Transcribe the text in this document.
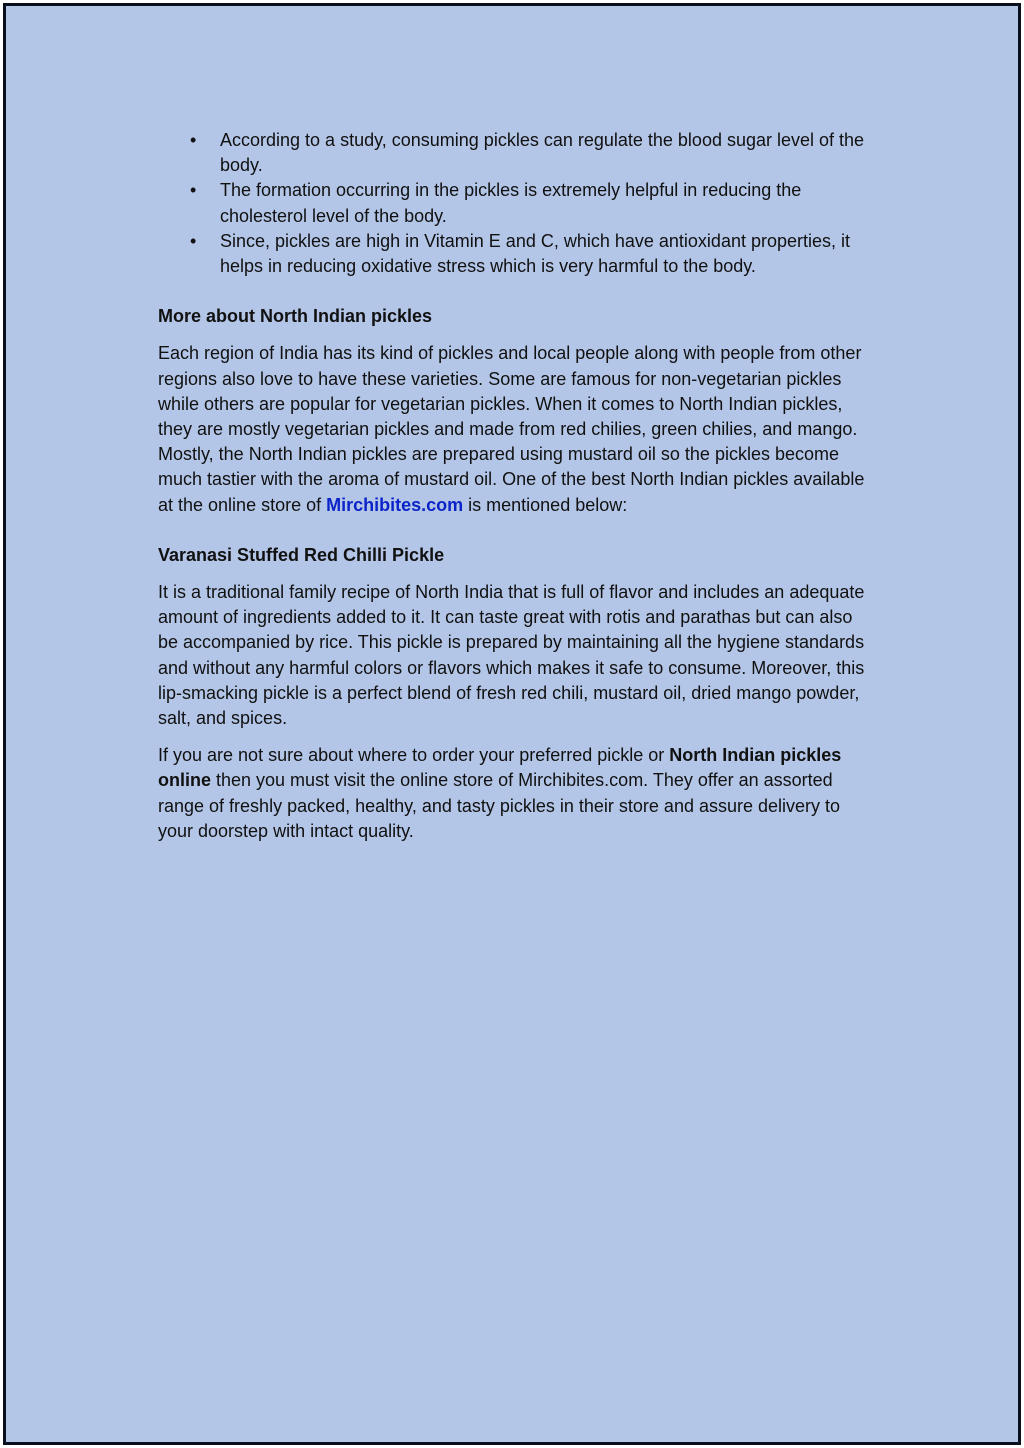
• According to a study, consuming pickles can regulate the blood sugar level of the body.
• The formation occurring in the pickles is extremely helpful in reducing the cholesterol level of the body.
• Since, pickles are high in Vitamin E and C, which have antioxidant properties, it helps in reducing oxidative stress which is very harmful to the body.

More about North Indian pickles

Each region of India has its kind of pickles and local people along with people from other regions also love to have these varieties. Some are famous for non-vegetarian pickles while others are popular for vegetarian pickles. When it comes to North Indian pickles, they are mostly vegetarian pickles and made from red chilies, green chilies, and mango. Mostly, the North Indian pickles are prepared using mustard oil so the pickles become much tastier with the aroma of mustard oil. One of the best North Indian pickles available at the online store of Mirchibites.com is mentioned below:

Varanasi Stuffed Red Chilli Pickle

It is a traditional family recipe of North India that is full of flavor and includes an adequate amount of ingredients added to it. It can taste great with rotis and parathas but can also be accompanied by rice. This pickle is prepared by maintaining all the hygiene standards and without any harmful colors or flavors which makes it safe to consume. Moreover, this lip-smacking pickle is a perfect blend of fresh red chili, mustard oil, dried mango powder, salt, and spices.

If you are not sure about where to order your preferred pickle or North Indian pickles online then you must visit the online store of Mirchibites.com. They offer an assorted range of freshly packed, healthy, and tasty pickles in their store and assure delivery to your doorstep with intact quality.
